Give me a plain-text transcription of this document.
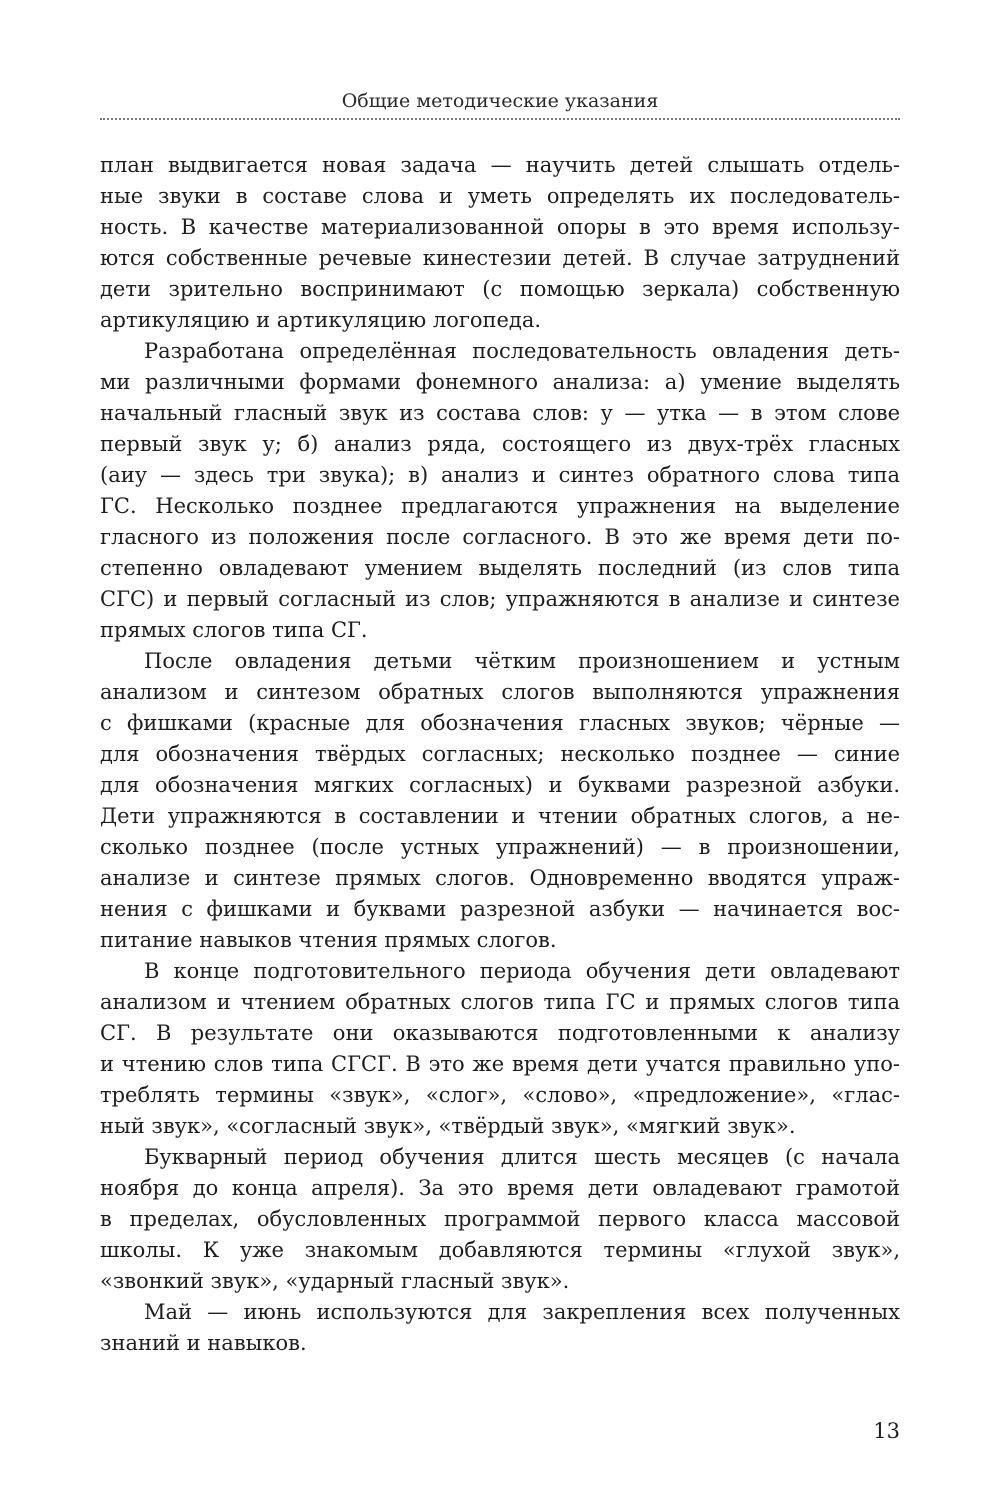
Общие методические указания

план выдвигается новая задача — научить детей слышать отдель-
ные звуки в составе слова и уметь определять их последователь-
ность. В качестве материализованной опоры в это время использу-
ются собственные речевые кинестезии детей. В случае затруднений
дети зрительно воспринимают (с помощью зеркала) собственную
артикуляцию и артикуляцию логопеда.

Разработана определённая последовательность овладения деть-
ми различными формами фонемного анализа: а) умение выделять
начальный гласный звук из состава слов: у — утка — в этом слове
первый звук у; б) анализ ряда, состоящего из двух-трёх гласных
(аиу — здесь три звука); в) анализ и синтез обратного слова типа
ГС. Несколько позднее предлагаются упражнения на выделение
гласного из положения после согласного. В это же время дети по-
степенно овладевают умением выделять последний (из слов типа
СГС) и первый согласный из слов; упражняются в анализе и синтезе
прямых слогов типа СГ.

После овладения детьми чётким произношением и устным
анализом и синтезом обратных слогов выполняются упражнения
с фишками (красные для обозначения гласных звуков; чёрные —
для обозначения твёрдых согласных; несколько позднее — синие
для обозначения мягких согласных) и буквами разрезной азбуки.
Дети упражняются в составлении и чтении обратных слогов, а не-
сколько позднее (после устных упражнений) — в произношении,
анализе и синтезе прямых слогов. Одновременно вводятся упраж-
нения с фишками и буквами разрезной азбуки — начинается вос-
питание навыков чтения прямых слогов.

В конце подготовительного периода обучения дети овладевают
анализом и чтением обратных слогов типа ГС и прямых слогов типа
СГ. В результате они оказываются подготовленными к анализу
и чтению слов типа СГСГ. В это же время дети учатся правильно упо-
треблять термины «звук», «слог», «слово», «предложение», «глас-
ный звук», «согласный звук», «твёрдый звук», «мягкий звук».

Букварный период обучения длится шесть месяцев (с начала
ноября до конца апреля). За это время дети овладевают грамотой
в пределах, обусловленных программой первого класса массовой
школы. К уже знакомым добавляются термины «глухой звук»,
«звонкий звук», «ударный гласный звук».

Май — июнь используются для закрепления всех полученных
знаний и навыков.

13
